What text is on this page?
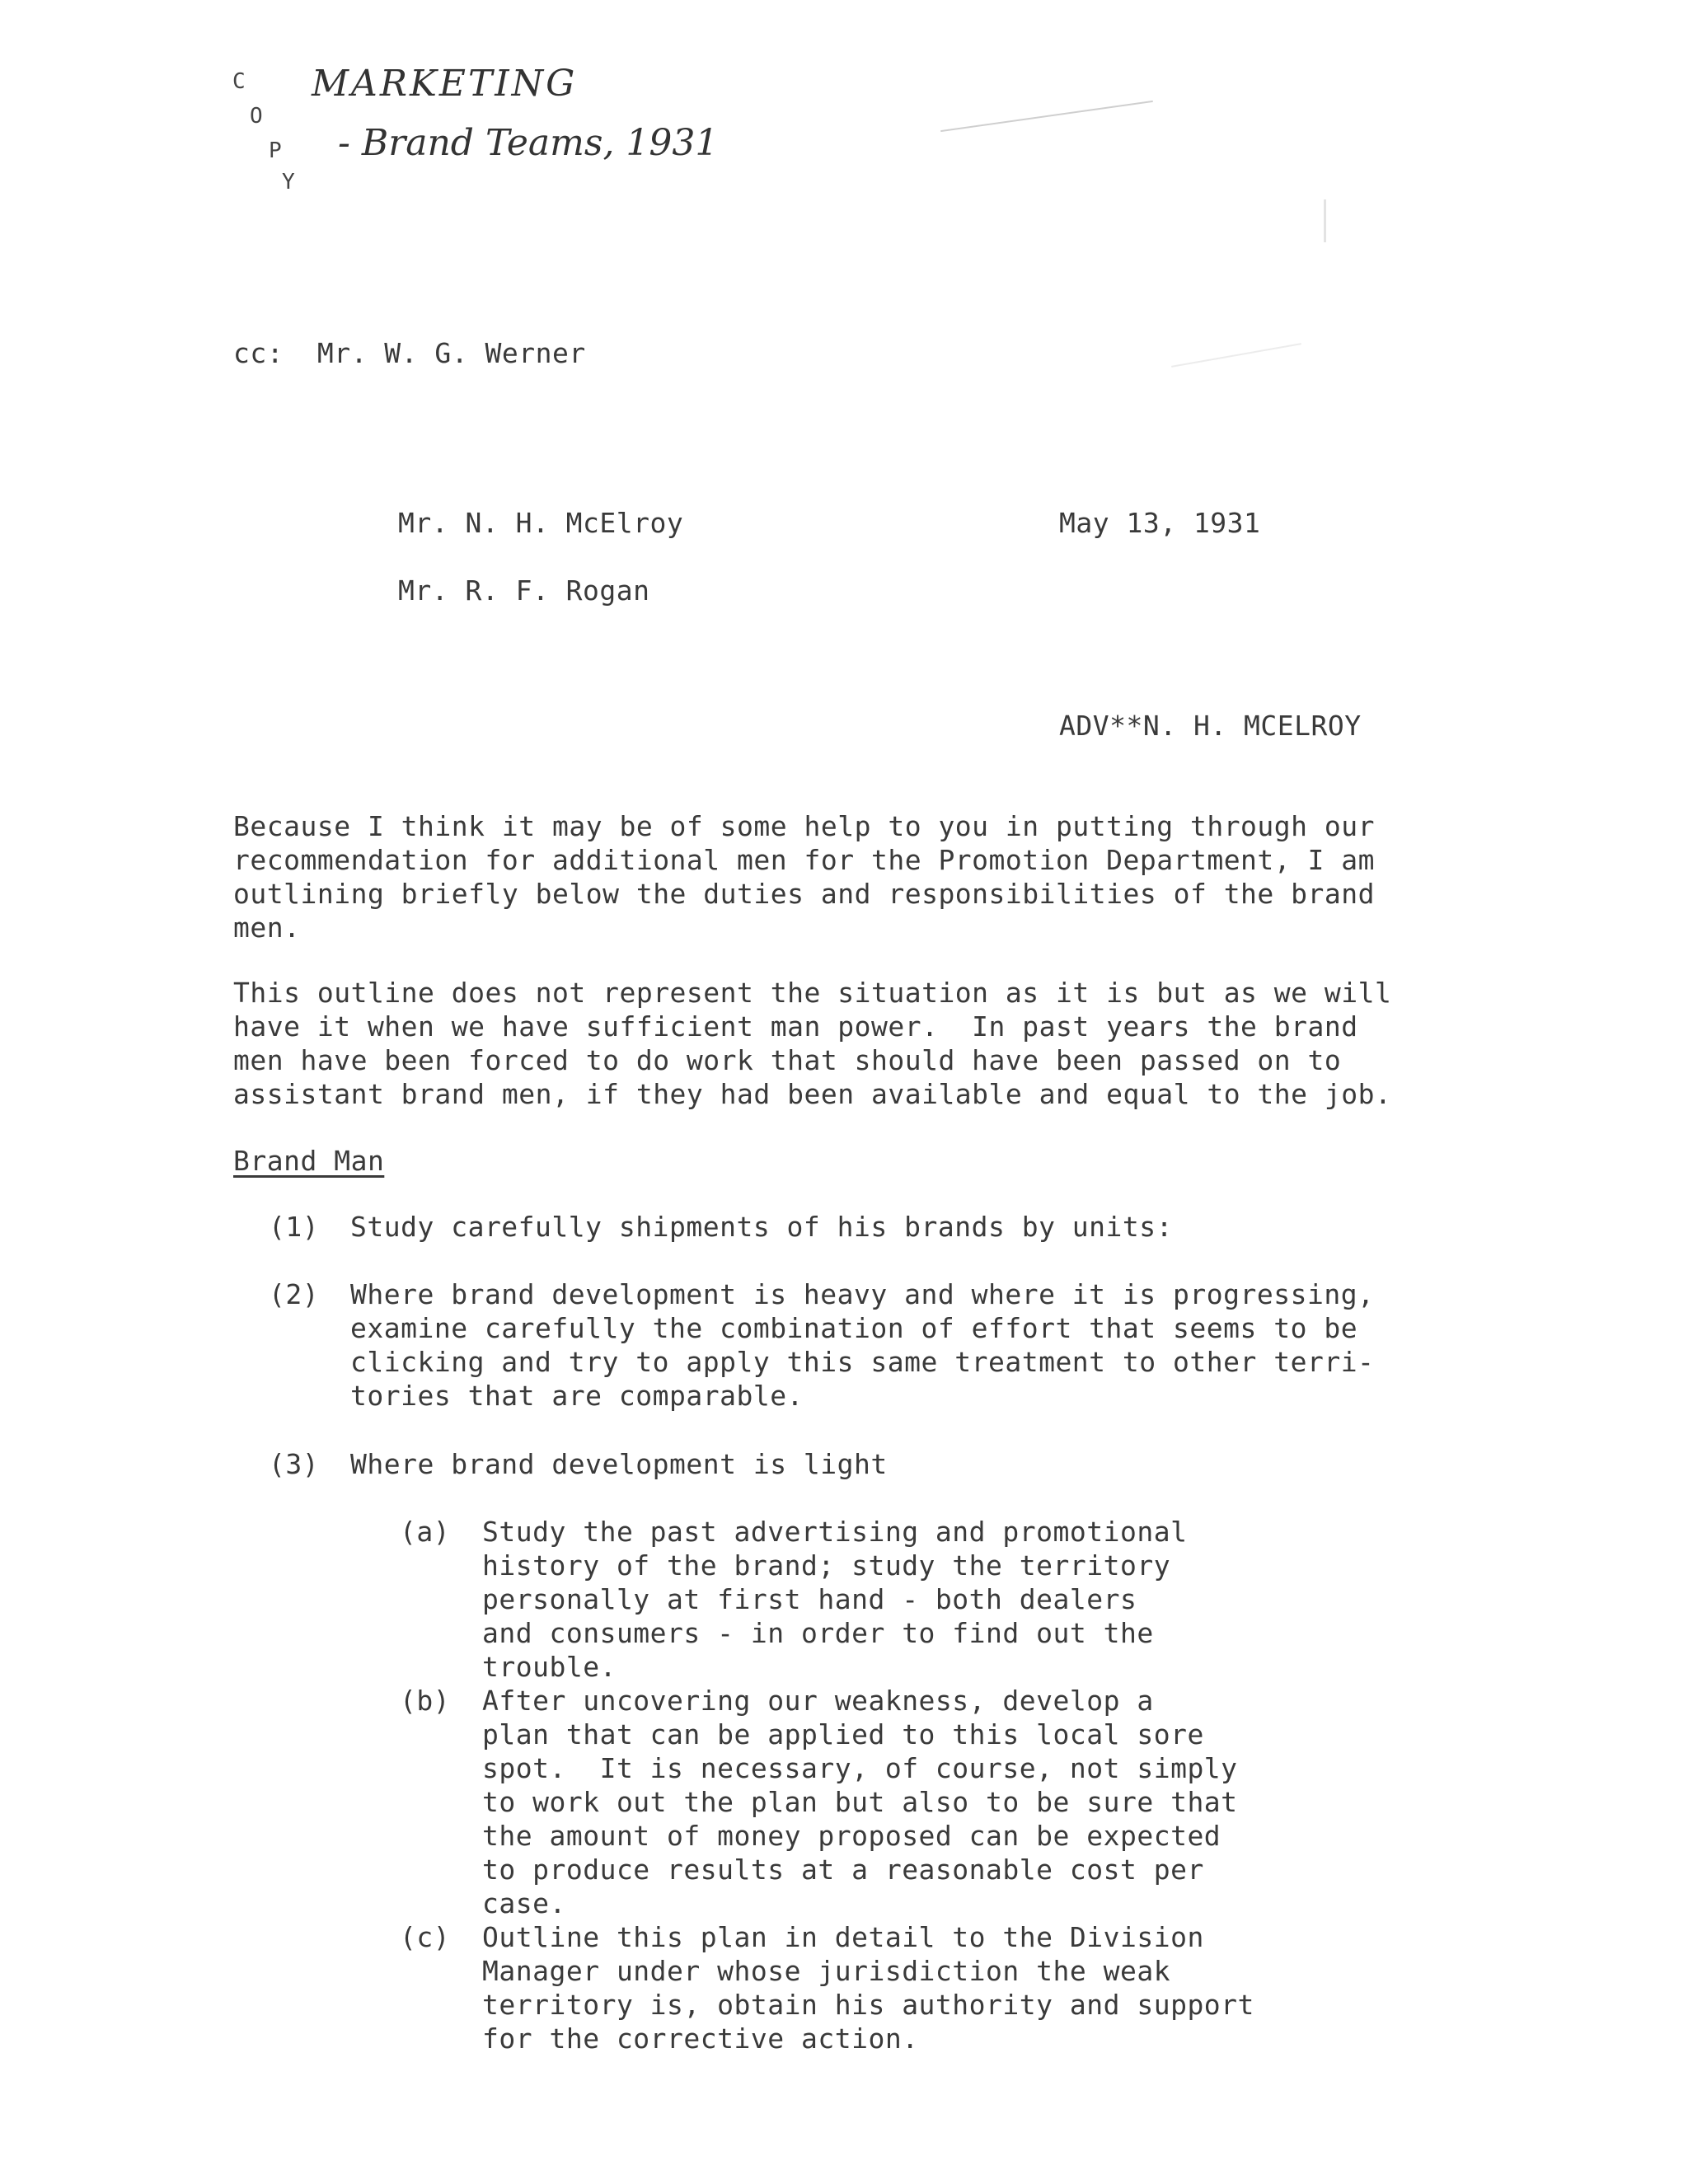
C
O
P
Y
MARKETING
- Brand Teams, 1931
cc:  Mr. W. G. Werner
Mr. N. H. McElroy
Mr. R. F. Rogan
May 13, 1931
ADV**N. H. MCELROY
Because I think it may be of some help to you in putting through our
recommendation for additional men for the Promotion Department, I am
outlining briefly below the duties and responsibilities of the brand
men.
This outline does not represent the situation as it is but as we will
have it when we have sufficient man power.  In past years the brand
men have been forced to do work that should have been passed on to
assistant brand men, if they had been available and equal to the job.
Brand Man
(1) Study carefully shipments of his brands by units:
(2) Where brand development is heavy and where it is progressing,
examine carefully the combination of effort that seems to be
clicking and try to apply this same treatment to other terri-
tories that are comparable.
(3) Where brand development is light
(a) Study the past advertising and promotional
history of the brand; study the territory
personally at first hand - both dealers
and consumers - in order to find out the
trouble.
(b) After uncovering our weakness, develop a
plan that can be applied to this local sore
spot.  It is necessary, of course, not simply
to work out the plan but also to be sure that
the amount of money proposed can be expected
to produce results at a reasonable cost per
case.
(c) Outline this plan in detail to the Division
Manager under whose jurisdiction the weak
territory is, obtain his authority and support
for the corrective action.
